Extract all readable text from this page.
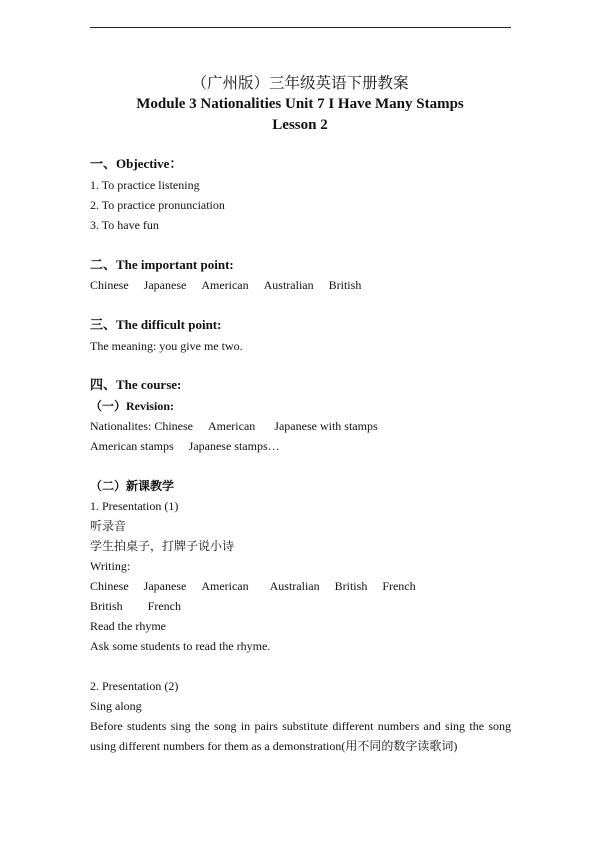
（广州版）三年级英语下册教案
Module 3 Nationalities Unit 7 I Have Many Stamps
Lesson 2
一、Objective：
1. To practice listening
2. To practice pronunciation
3. To have fun
二、The important point:
Chinese Japanese American Australian British
三、The difficult point:
The meaning: you give me two.
四、The course:
（一）Revision:
Nationalites: Chinese American Japanese with stamps
American stamps Japanese stamps…
（二）新课教学
1. Presentation (1)
听录音
学生拍桌子，打牌子说小诗
Writing:
Chinese Japanese American Australian British French
British French
Read the rhyme
Ask some students to read the rhyme.
2. Presentation (2)
Sing along
Before students sing the song in pairs substitute different numbers and sing the song
using different numbers for them as a demonstration(用不同的数字读歌词)
